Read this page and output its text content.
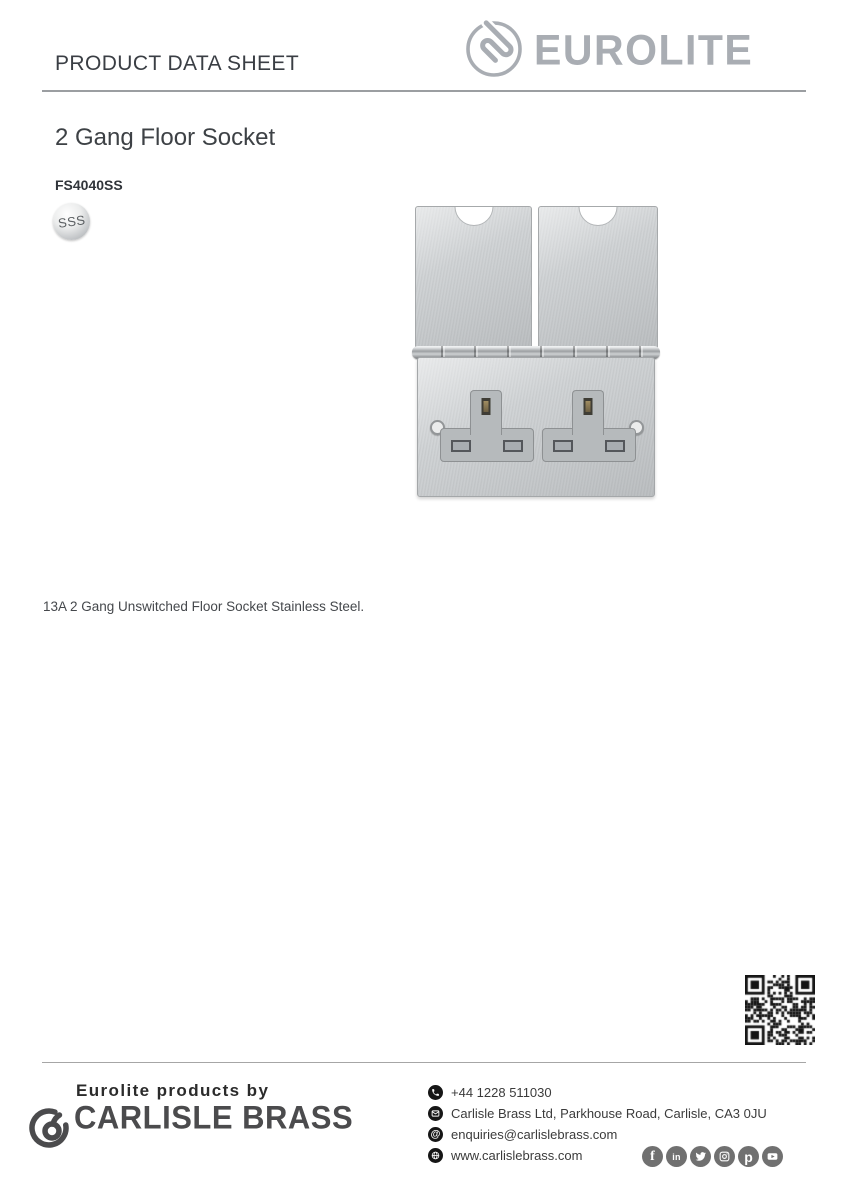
PRODUCT DATA SHEET	EUROLITE
2 Gang Floor Socket
FS4040SS
SSS
13A 2 Gang Unswitched Floor Socket Stainless Steel.
Eurolite products by
CARLISLE BRASS
+44 1228 511030
Carlisle Brass Ltd, Parkhouse Road, Carlisle, CA3 0JU
@ enquiries@carlislebrass.com
www.carlislebrass.com	f in	p
